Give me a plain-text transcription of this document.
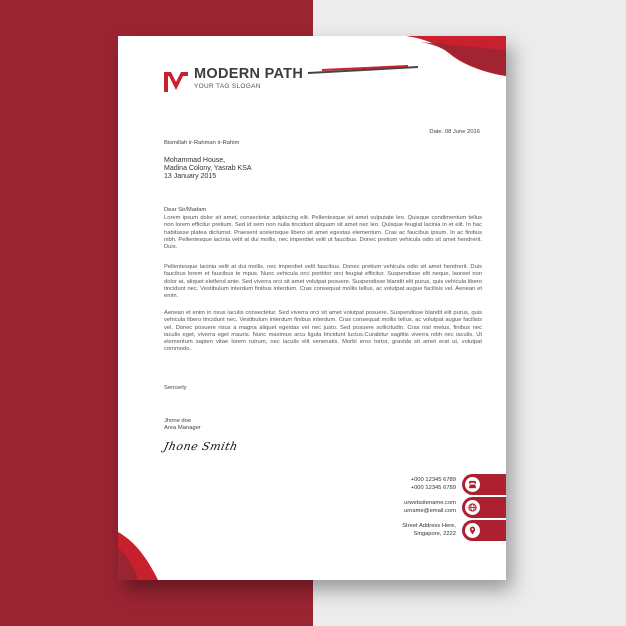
MODERN PATH
YOUR TAG SLOGAN
Date. 08 June 2016
Bismillah ir-Rahman ir-Rahim
Mohammad House,
Madina Colony, Yasrab KSA
13 January 2015
Dear Sir/Madam
Lorem ipsum dolor sit amet, consectetur adipiscing elit. Pellentesque sit amet vulputate leo. Quisque condimentum tellus non lorem efficitur pretium. Sed id sem non nulla tincidunt aliquam sit amet nec leo. Quisque feugiat lacinia in et elit. In hac habitasse platea dictumst. Praesent scelerisque libero sit amet egestas elementum. Cras ac faucibus ipsum. In ac finibus nibh. Pellentesque lacinia velit at dui mollis, nec imperdiet velit ut faucibus. Donec pretium vehicula odio sit amet hendrerit. Duis.
Pellentesque lacinia velit at dui mollis, nec imperdiet velit faucibus. Donec pretium vehicula odio sit amet hendrerit. Duis faucibus lorem et faucibus te mpus. Nunc vehicula orci porttitor orci feugiat efficitur. Suspendisse elit neque, laoreet non dolor at, aliquet eleifend ante. Sed viverra orci sit amet volutpat posuere. Suspendisse blandit elit purus, quis vehicula libero tincidunt nec. Vestibulum interdum finibus interdum. Cras consequat mollis tellus, ac volutpat augue facilisis vel. Aenean et enim.
Aenean et enim in risus iaculis consectetur. Sed viverra orci sit amet volutpat posuere. Suspendisse blandit elit purus, quis vehicula libero tincidunt nec. Vestibulum interdum finibus interdum. Cras consequat mollis tellus, ac volutpat augue facilisis vel. Donec posuere risus a magna aliquet egestas vel nec justo. Sed posuere sollicitudin. Cras nisl metus, finibus nec iaculis eget, viverra eget mauris. Nunc maximus arcu ligula tincidunt luctus.Curabitur sagittis viverra nibh nec iaculis. Ut elementum sapien vitae lorem rutrum, nec iaculis elit venenatis. Morbi eros tortor, gravida sit amet erat ut, volutpat commodo.
Sencerly
Jhone doe
Area Manager
Jhone Smith
+000 12345 6789
+000 12345 6789
urwebsitename.com
urname@email.com
Street Address Here,
Singapore, 2222
